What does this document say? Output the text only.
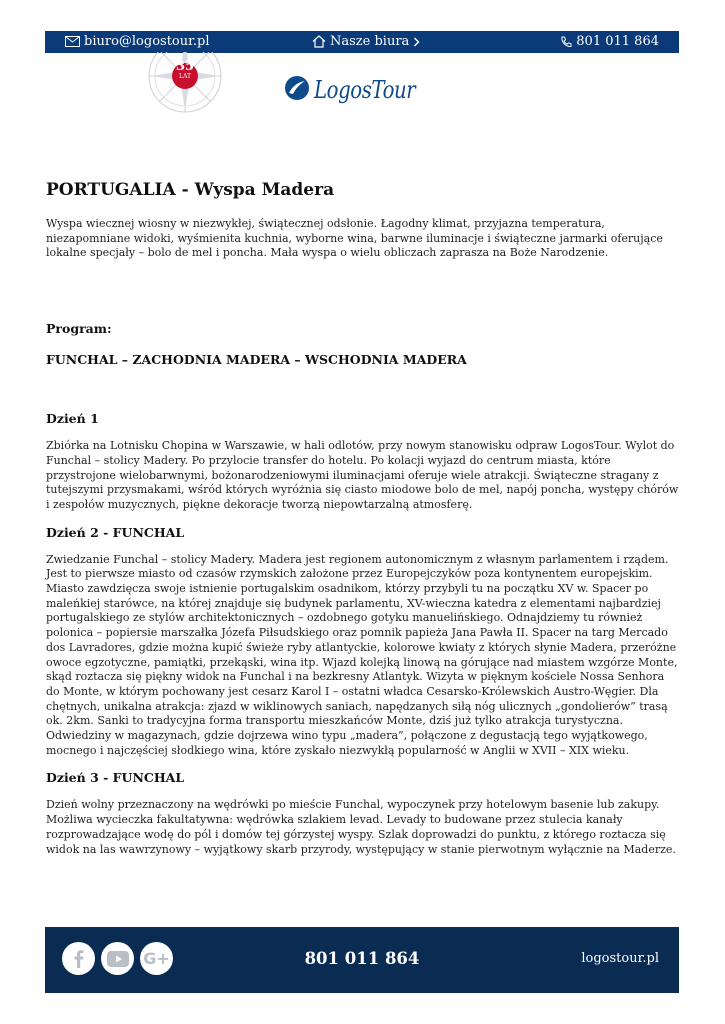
biuro@logostour.pl	Nasze biura	801 011 864
35
LAT	LogosTour
PORTUGALIA - Wyspa Madera

Wyspa wiecznej wiosny w niezwykłej, świątecznej odsłonie. Łagodny klimat, przyjazna temperatura, niezapomniane widoki, wyśmienita kuchnia, wyborne wina, barwne iluminacje i świąteczne jarmarki oferujące lokalne specjały – bolo de mel i poncha. Mała wyspa o wielu obliczach zaprasza na Boże Narodzenie.

Program:
FUNCHAL – ZACHODNIA MADERA – WSCHODNIA MADERA
Dzień 1

Zbiórka na Lotnisku Chopina w Warszawie, w hali odlotów, przy nowym stanowisku odpraw LogosTour. Wylot do Funchal – stolicy Madery. Po przylocie transfer do hotelu. Po kolacji wyjazd do centrum miasta, które przystrojone wielobarwnymi, bożonarodzeniowymi iluminacjami oferuje wiele atrakcji. Świąteczne stragany z tutejszymi przysmakami, wśród których wyróżnia się ciasto miodowe bolo de mel, napój poncha, występy chórów i zespołów muzycznych, piękne dekoracje tworzą niepowtarzalną atmosferę.

Dzień 2 - FUNCHAL

Zwiedzanie Funchal – stolicy Madery. Madera jest regionem autonomicznym z własnym parlamentem i rządem. Jest to pierwsze miasto od czasów rzymskich założone przez Europejczyków poza kontynentem europejskim. Miasto zawdzięcza swoje istnienie portugalskim osadnikom, którzy przybyli tu na początku XV w. Spacer po maleńkiej starówce, na której znajduje się budynek parlamentu, XV-wieczna katedra z elementami najbardziej portugalskiego ze stylów architektonicznych – ozdobnego gotyku manuelińskiego. Odnajdziemy tu również polonica – popiersie marszałka Józefa Piłsudskiego oraz pomnik papieża Jana Pawła II. Spacer na targ Mercado dos Lavradores, gdzie można kupić świeże ryby atlantyckie, kolorowe kwiaty z których słynie Madera, przeróżne owoce egzotyczne, pamiątki, przekąski, wina itp. Wjazd kolejką linową na górujące nad miastem wzgórze Monte, skąd roztacza się piękny widok na Funchal i na bezkresny Atlantyk. Wizyta w pięknym kościele Nossa Senhora do Monte, w którym pochowany jest cesarz Karol I – ostatni władca Cesarsko-Królewskich Austro-Węgier. Dla chętnych, unikalna atrakcja: zjazd w wiklinowych saniach, napędzanych siłą nóg ulicznych „gondolierów” trasą ok. 2km. Sanki to tradycyjna forma transportu mieszkańców Monte, dziś już tylko atrakcja turystyczna. Odwiedziny w magazynach, gdzie dojrzewa wino typu „madera”, połączone z degustacją tego wyjątkowego, mocnego i najczęściej słodkiego wina, które zyskało niezwykłą popularność w Anglii w XVII – XIX wieku.

Dzień 3 - FUNCHAL

Dzień wolny przeznaczony na wędrówki po mieście Funchal, wypoczynek przy hotelowym basenie lub zakupy. Możliwa wycieczka fakultatywna: wędrówka szlakiem levad. Levady to budowane przez stulecia kanały rozprowadzające wodę do pól i domów tej górzystej wyspy. Szlak doprowadzi do punktu, z którego roztacza się widok na las wawrzynowy – wyjątkowy skarb przyrody, występujący w stanie pierwotnym wyłącznie na Maderze.

G+	801 011 864	logostour.pl
